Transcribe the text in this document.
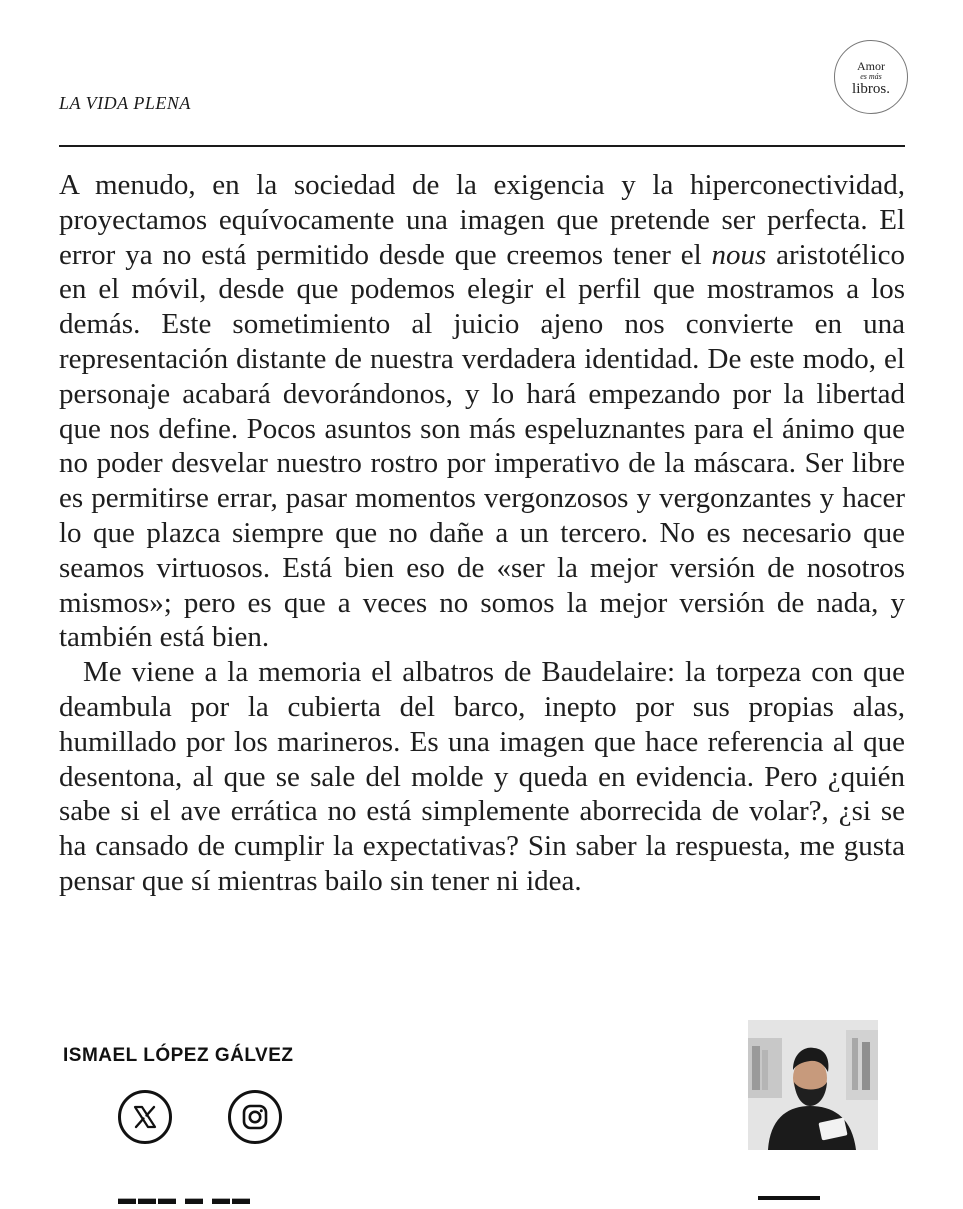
LA VIDA PLENA
Amor
es más
libros.

A menudo, en la sociedad de la exigencia y la hiperconectividad, proyectamos equívocamente una imagen que pretende ser perfecta. El error ya no está permitido desde que creemos tener el nous aristotélico en el móvil, desde que podemos elegir el perfil que mostramos a los demás. Este sometimiento al juicio ajeno nos convierte en una representación distante de nuestra verdadera identidad. De este modo, el personaje acabará devorándonos, y lo hará empezando por la libertad que nos define. Pocos asuntos son más espeluznantes para el ánimo que no poder desvelar nuestro rostro por imperativo de la máscara. Ser libre es permitirse errar, pasar momentos vergonzosos y vergonzantes y hacer lo que plazca siempre que no dañe a un tercero. No es necesario que seamos virtuosos. Está bien eso de «ser la mejor versión de nosotros mismos»; pero es que a veces no somos la mejor versión de nada, y también está bien.

Me viene a la memoria el albatros de Baudelaire: la torpeza con que deambula por la cubierta del barco, inepto por sus propias alas, humillado por los marineros. Es una imagen que hace referencia al que desentona, al que se sale del molde y queda en evidencia. Pero ¿quién sabe si el ave errática no está simplemente aborrecida de volar?, ¿si se ha cansado de cumplir la expectativas? Sin saber la respuesta, me gusta pensar que sí mientras bailo sin tener ni idea.

ISMAEL LÓPEZ GÁLVEZ
▬▬▬ ▬ ▬▬
